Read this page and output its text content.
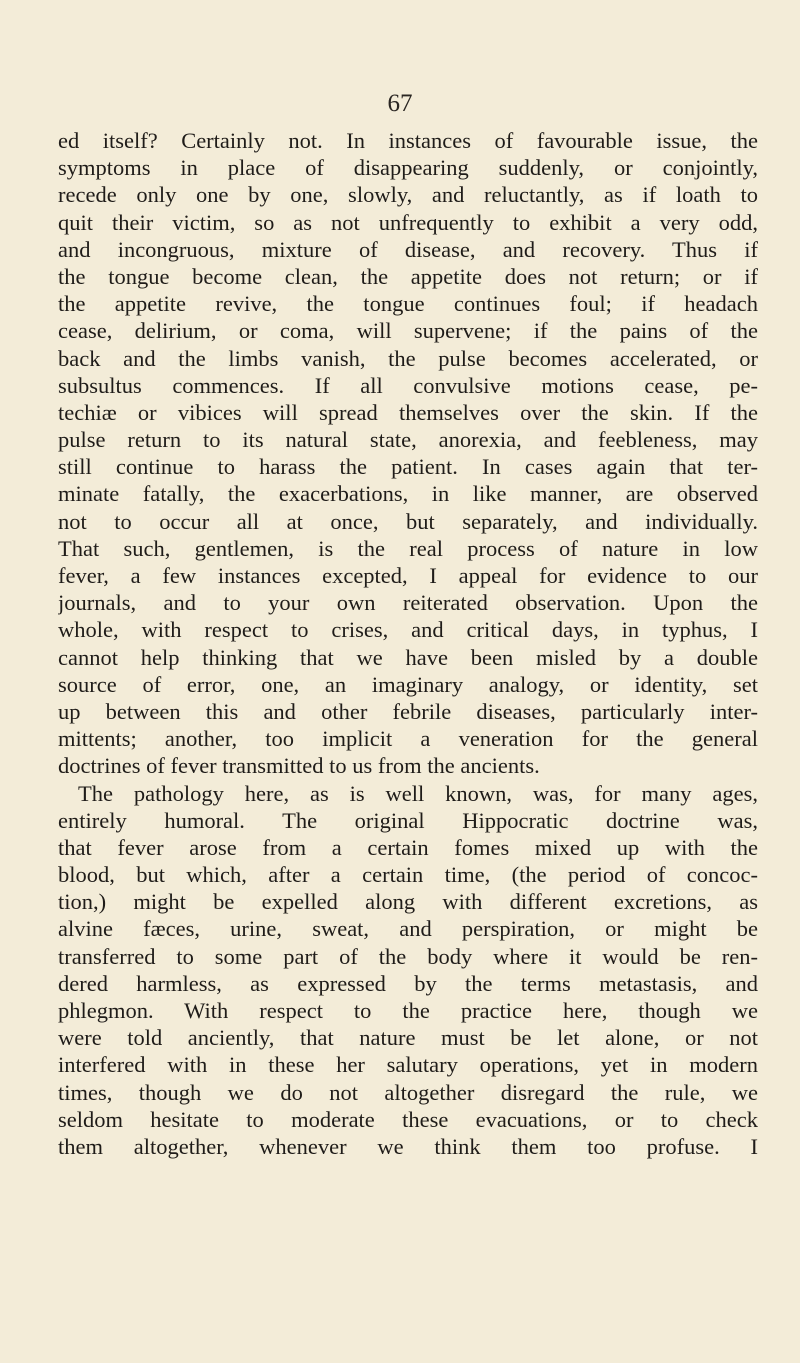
67
ed itself? Certainly not. In instances of favourable issue, the
symptoms in place of disappearing suddenly, or conjointly,
recede only one by one, slowly, and reluctantly, as if loath to
quit their victim, so as not unfrequently to exhibit a very odd,
and incongruous, mixture of disease, and recovery. Thus if
the tongue become clean, the appetite does not return; or if
the appetite revive, the tongue continues foul; if headach
cease, delirium, or coma, will supervene; if the pains of the
back and the limbs vanish, the pulse becomes accelerated, or
subsultus commences. If all convulsive motions cease, pe-
techiæ or vibices will spread themselves over the skin. If the
pulse return to its natural state, anorexia, and feebleness, may
still continue to harass the patient. In cases again that ter-
minate fatally, the exacerbations, in like manner, are observed
not to occur all at once, but separately, and individually.
That such, gentlemen, is the real process of nature in low
fever, a few instances excepted, I appeal for evidence to our
journals, and to your own reiterated observation. Upon the
whole, with respect to crises, and critical days, in typhus, I
cannot help thinking that we have been misled by a double
source of error, one, an imaginary analogy, or identity, set
up between this and other febrile diseases, particularly inter-
mittents; another, too implicit a veneration for the general
doctrines of fever transmitted to us from the ancients.
The pathology here, as is well known, was, for many ages,
entirely humoral. The original Hippocratic doctrine was,
that fever arose from a certain fomes mixed up with the
blood, but which, after a certain time, (the period of concoc-
tion,) might be expelled along with different excretions, as
alvine fæces, urine, sweat, and perspiration, or might be
transferred to some part of the body where it would be ren-
dered harmless, as expressed by the terms metastasis, and
phlegmon. With respect to the practice here, though we
were told anciently, that nature must be let alone, or not
interfered with in these her salutary operations, yet in modern
times, though we do not altogether disregard the rule, we
seldom hesitate to moderate these evacuations, or to check
them altogether, whenever we think them too profuse. I
